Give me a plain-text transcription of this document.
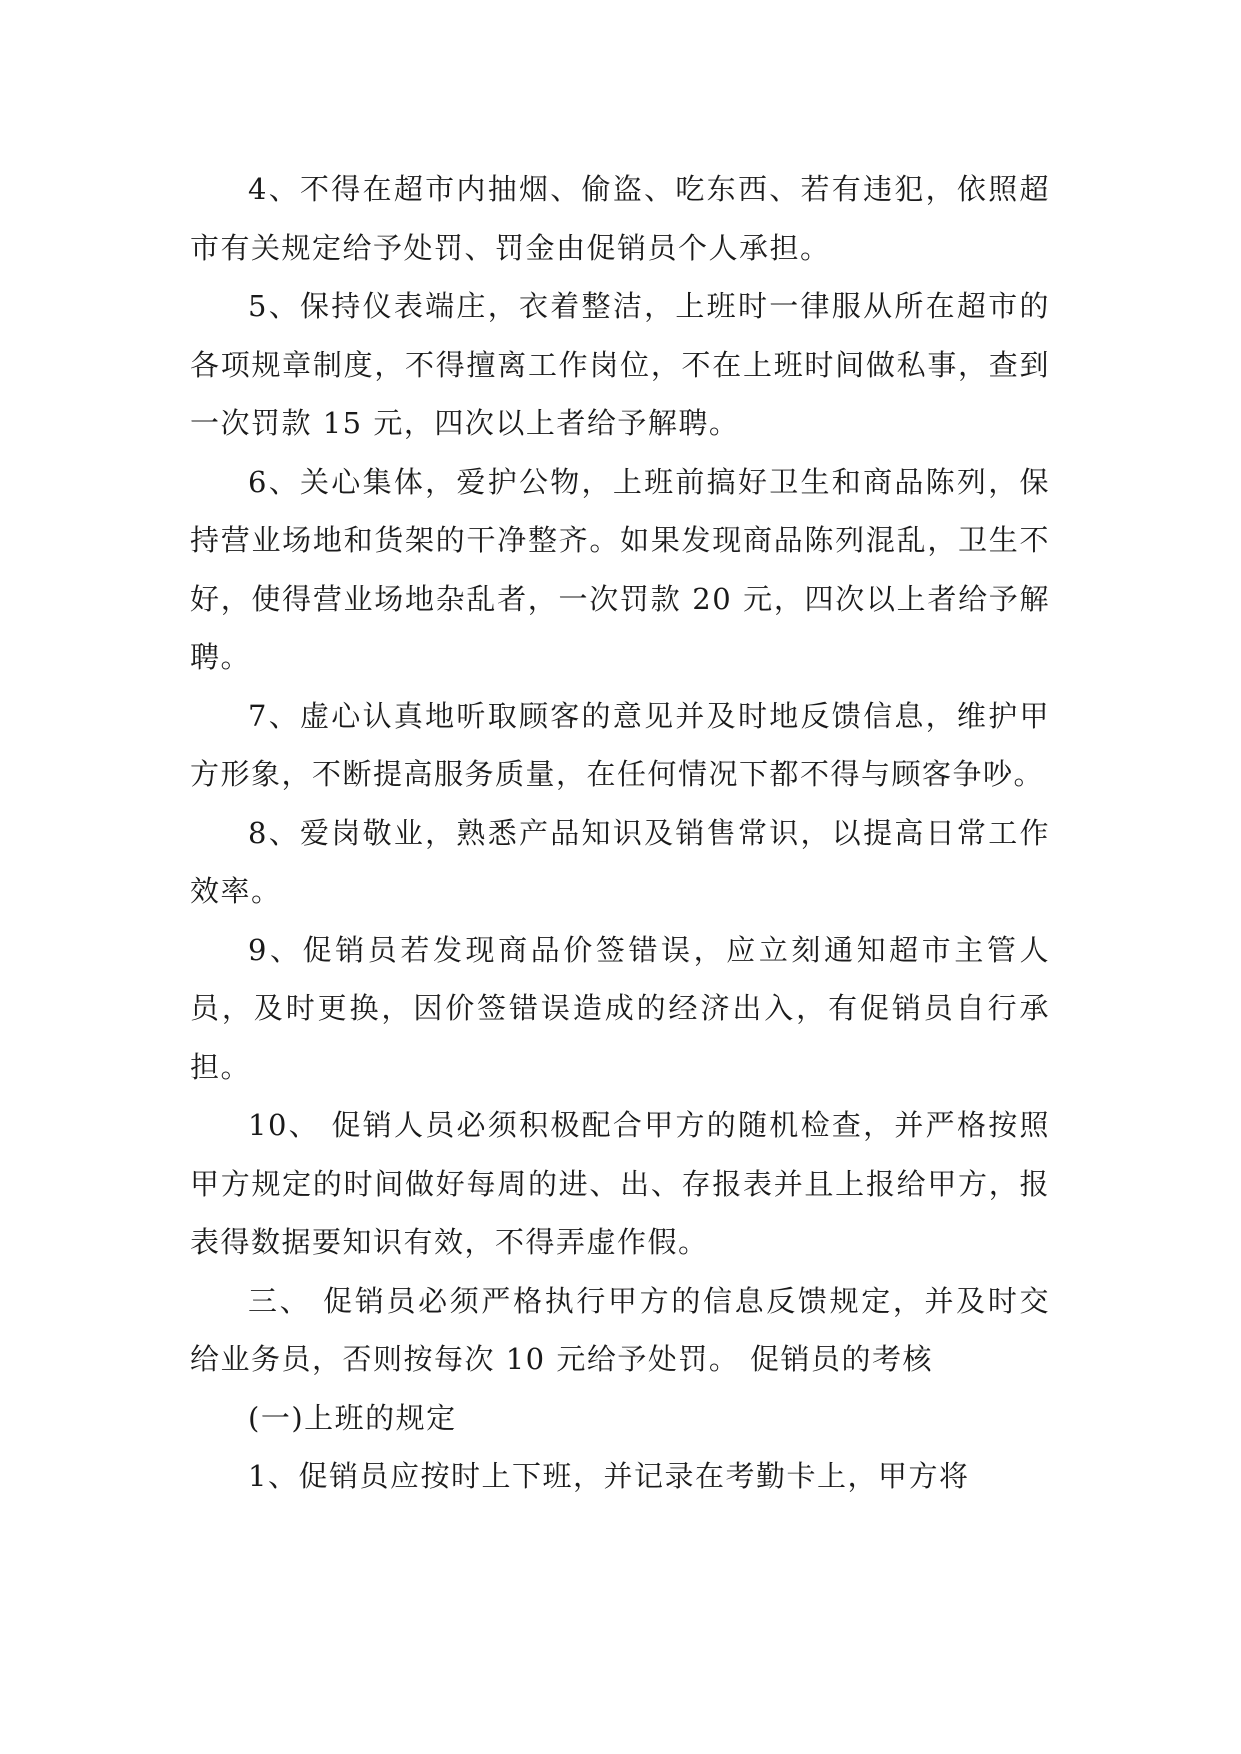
4、不得在超市内抽烟、偷盗、吃东西、若有违犯，依照超市有关规定给予处罚、罚金由促销员个人承担。

5、保持仪表端庄，衣着整洁，上班时一律服从所在超市的各项规章制度，不得擅离工作岗位，不在上班时间做私事，查到一次罚款 15 元，四次以上者给予解聘。

6、关心集体，爱护公物，上班前搞好卫生和商品陈列，保持营业场地和货架的干净整齐。如果发现商品陈列混乱，卫生不好，使得营业场地杂乱者，一次罚款 20 元，四次以上者给予解聘。

7、虚心认真地听取顾客的意见并及时地反馈信息，维护甲方形象，不断提高服务质量，在任何情况下都不得与顾客争吵。

8、爱岗敬业，熟悉产品知识及销售常识，以提高日常工作效率。

9、促销员若发现商品价签错误，应立刻通知超市主管人员，及时更换，因价签错误造成的经济出入，有促销员自行承担。

10、 促销人员必须积极配合甲方的随机检查，并严格按照甲方规定的时间做好每周的进、出、存报表并且上报给甲方，报表得数据要知识有效，不得弄虚作假。

三、 促销员必须严格执行甲方的信息反馈规定，并及时交给业务员，否则按每次 10 元给予处罚。 促销员的考核

(一)上班的规定

1、促销员应按时上下班，并记录在考勤卡上，甲方将
